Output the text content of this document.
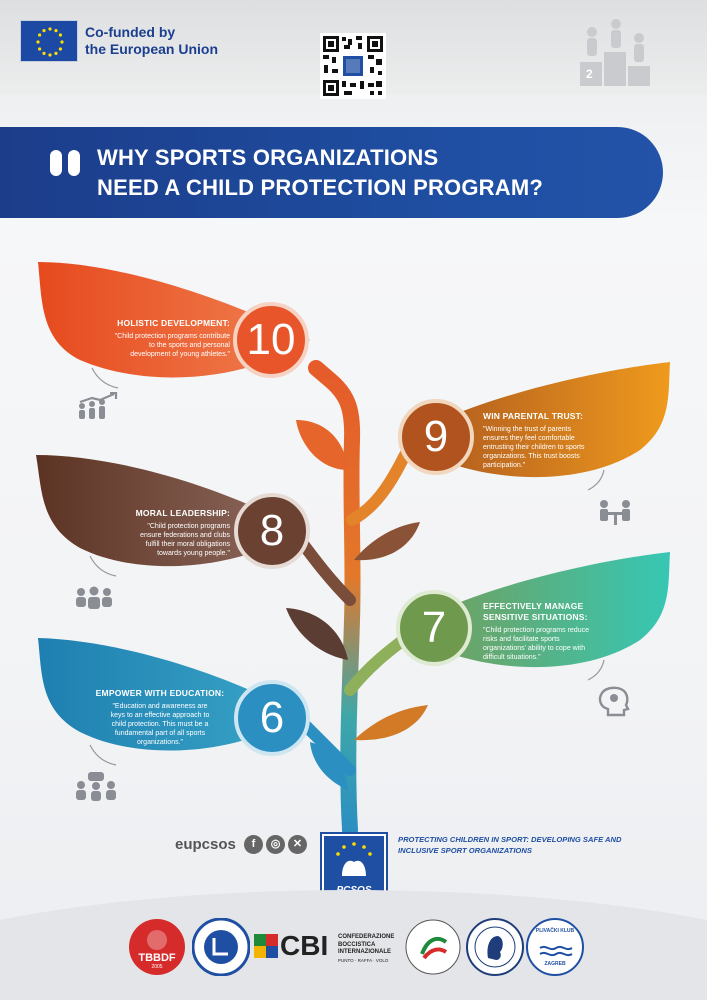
Co-funded by
the European Union
2
WHY SPORTS ORGANIZATIONS
NEED A CHILD PROTECTION PROGRAM?
10
9
8
7
6
HOLISTIC DEVELOPMENT:
"Child protection programs contribute
to the sports and personal
development of young athletes."
WIN PARENTAL TRUST:
"Winning the trust of parents
ensures they feel comfortable
entrusting their children to sports
organizations. This trust boosts
participation."
MORAL LEADERSHIP:
"Child protection programs
ensure federations and clubs
fulfill their moral obligations
towards young people."
EFFECTIVELY MANAGE
SENSITIVE SITUATIONS:
"Child protection programs reduce
risks and facilitate sports
organizations' ability to cope with
difficult situations."
EMPOWER WITH EDUCATION:
"Education and awareness are
keys to an effective approach to
child protection. This must be a
fundamental part of all sports
organizations."
eupcsos	f	◎	✕	PROTECTING CHILDREN IN SPORT: DEVELOPING SAFE AND
INCLUSIVE SPORT ORGANIZATIONS
TBBDF
2005
CBI CONFEDERAZIONE
BOCCISTICA
INTERNAZIONALE
PUNTO · RAFFA · VOLO
PLIVAČKI KLUB
ZAGREB
